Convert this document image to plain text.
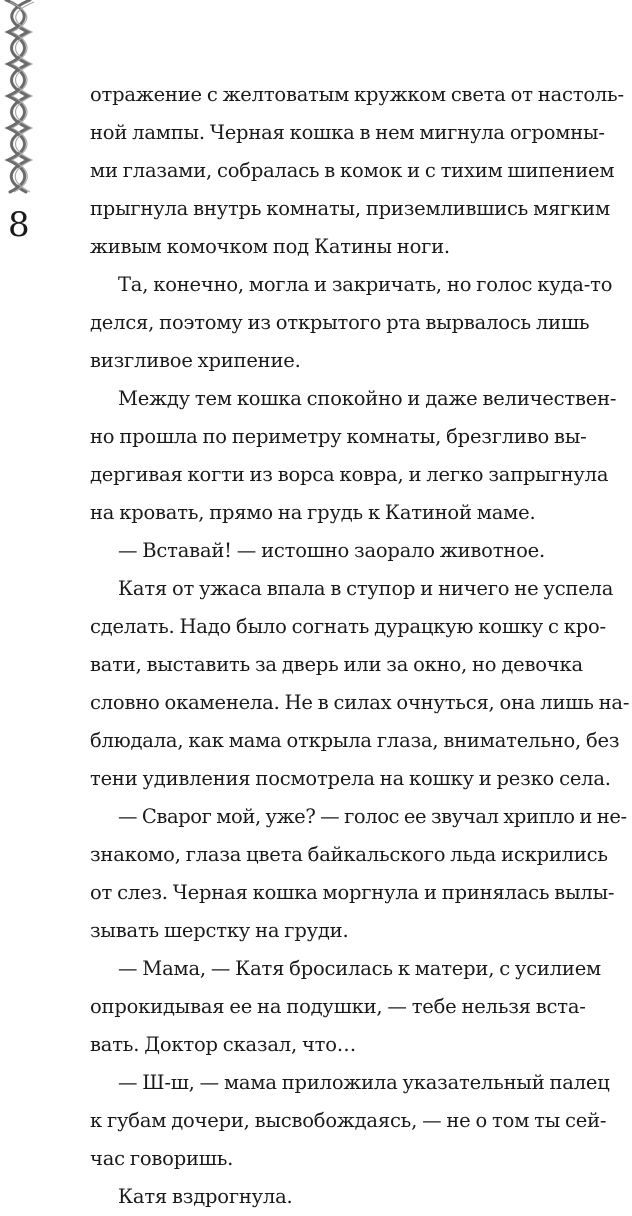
8
отражение с желтоватым кружком света от настоль-
ной лампы. Черная кошка в нем мигнула огромны-
ми глазами, собралась в комок и с тихим шипением
прыгнула внутрь комнаты, приземлившись мягким
живым комочком под Катины ноги.
Та, конечно, могла и закричать, но голос куда-то
делся, поэтому из открытого рта вырвалось лишь
визгливое хрипение.
Между тем кошка спокойно и даже величествен-
но прошла по периметру комнаты, брезгливо вы-
дергивая когти из ворса ковра, и легко запрыгнула
на кровать, прямо на грудь к Катиной маме.
— Вставай! — истошно заорало животное.
Катя от ужаса впала в ступор и ничего не успела
сделать. Надо было согнать дурацкую кошку с кро-
вати, выставить за дверь или за окно, но девочка
словно окаменела. Не в силах очнуться, она лишь на-
блюдала, как мама открыла глаза, внимательно, без
тени удивления посмотрела на кошку и резко села.
— Сварог мой, уже? — голос ее звучал хрипло и не-
знакомо, глаза цвета байкальского льда искрились
от слез. Черная кошка моргнула и принялась вылы-
зывать шерстку на груди.
— Мама, — Катя бросилась к матери, с усилием
опрокидывая ее на подушки, — тебе нельзя вста-
вать. Доктор сказал, что…
— Ш-ш, — мама приложила указательный палец
к губам дочери, высвобождаясь, — не о том ты сей-
час говоришь.
Катя вздрогнула.
